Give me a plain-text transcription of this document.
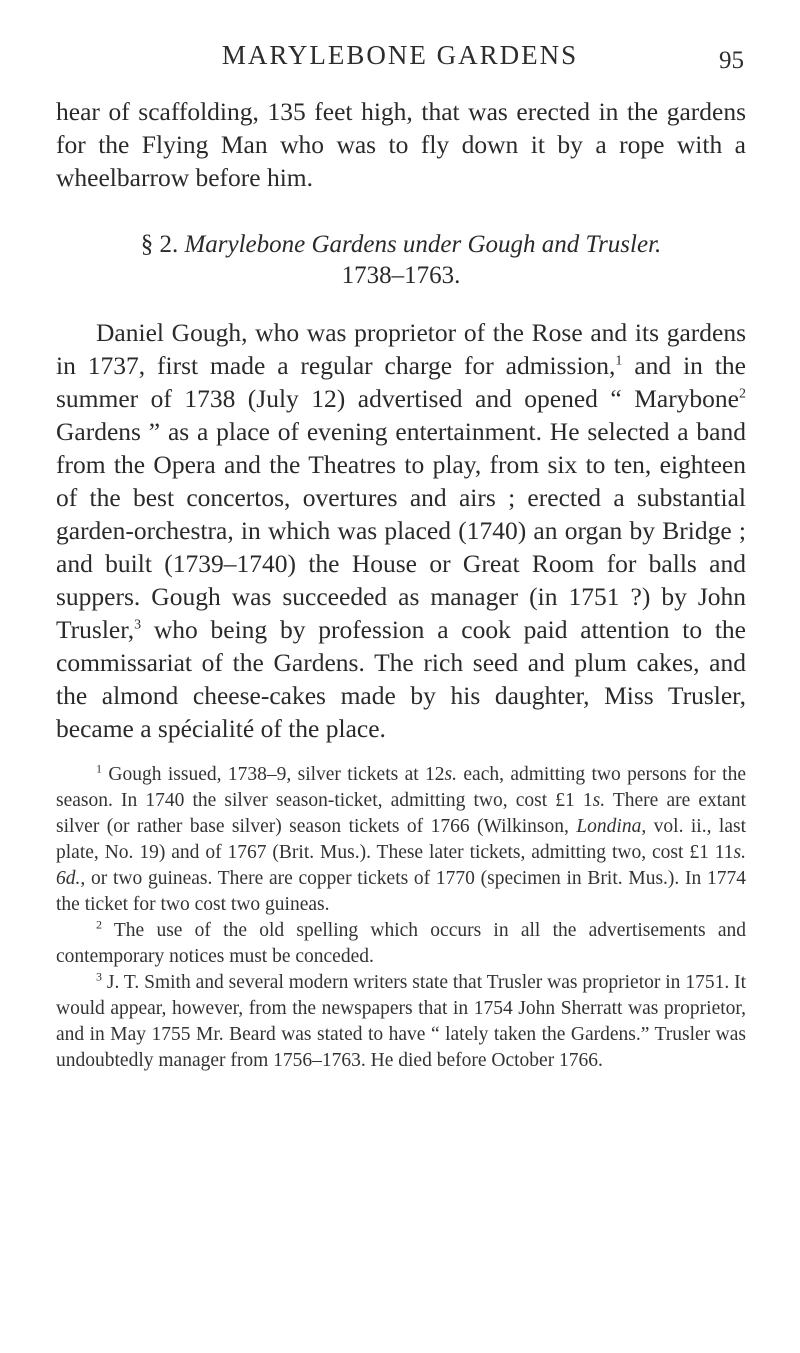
MARYLEBONE GARDENS	95

hear of scaffolding, 135 feet high, that was erected in the gardens for the Flying Man who was to fly down it by a rope with a wheelbarrow before him.

§ 2. Marylebone Gardens under Gough and Trusler.
1738–1763.

Daniel Gough, who was proprietor of the Rose and its gardens in 1737, first made a regular charge for admission,$^1$ and in the summer of 1738 (July 12) advertised and opened “ Marybone$^2$ Gardens ” as a place of evening entertainment. He selected a band from the Opera and the Theatres to play, from six to ten, eighteen of the best concertos, overtures and airs ; erected a substantial garden-orchestra, in which was placed (1740) an organ by Bridge ; and built (1739–1740) the House or Great Room for balls and suppers. Gough was succeeded as manager (in 1751 ?) by John Trusler,$^3$ who being by profession a cook paid attention to the commissariat of the Gardens. The rich seed and plum cakes, and the almond cheese-cakes made by his daughter, Miss Trusler, became a spécialité of the place.

$^1$ Gough issued, 1738–9, silver tickets at 12s. each, admitting two persons for the season. In 1740 the silver season-ticket, admitting two, cost £1 1s. There are extant silver (or rather base silver) season tickets of 1766 (Wilkinson, Londina, vol. ii., last plate, No. 19) and of 1767 (Brit. Mus.). These later tickets, admitting two, cost £1 11s. 6d., or two guineas. There are copper tickets of 1770 (specimen in Brit. Mus.). In 1774 the ticket for two cost two guineas.

$^2$ The use of the old spelling which occurs in all the advertisements and contemporary notices must be conceded.

$^3$ J. T. Smith and several modern writers state that Trusler was proprietor in 1751. It would appear, however, from the newspapers that in 1754 John Sherratt was proprietor, and in May 1755 Mr. Beard was stated to have “ lately taken the Gardens.” Trusler was undoubtedly manager from 1756–1763. He died before October 1766.
